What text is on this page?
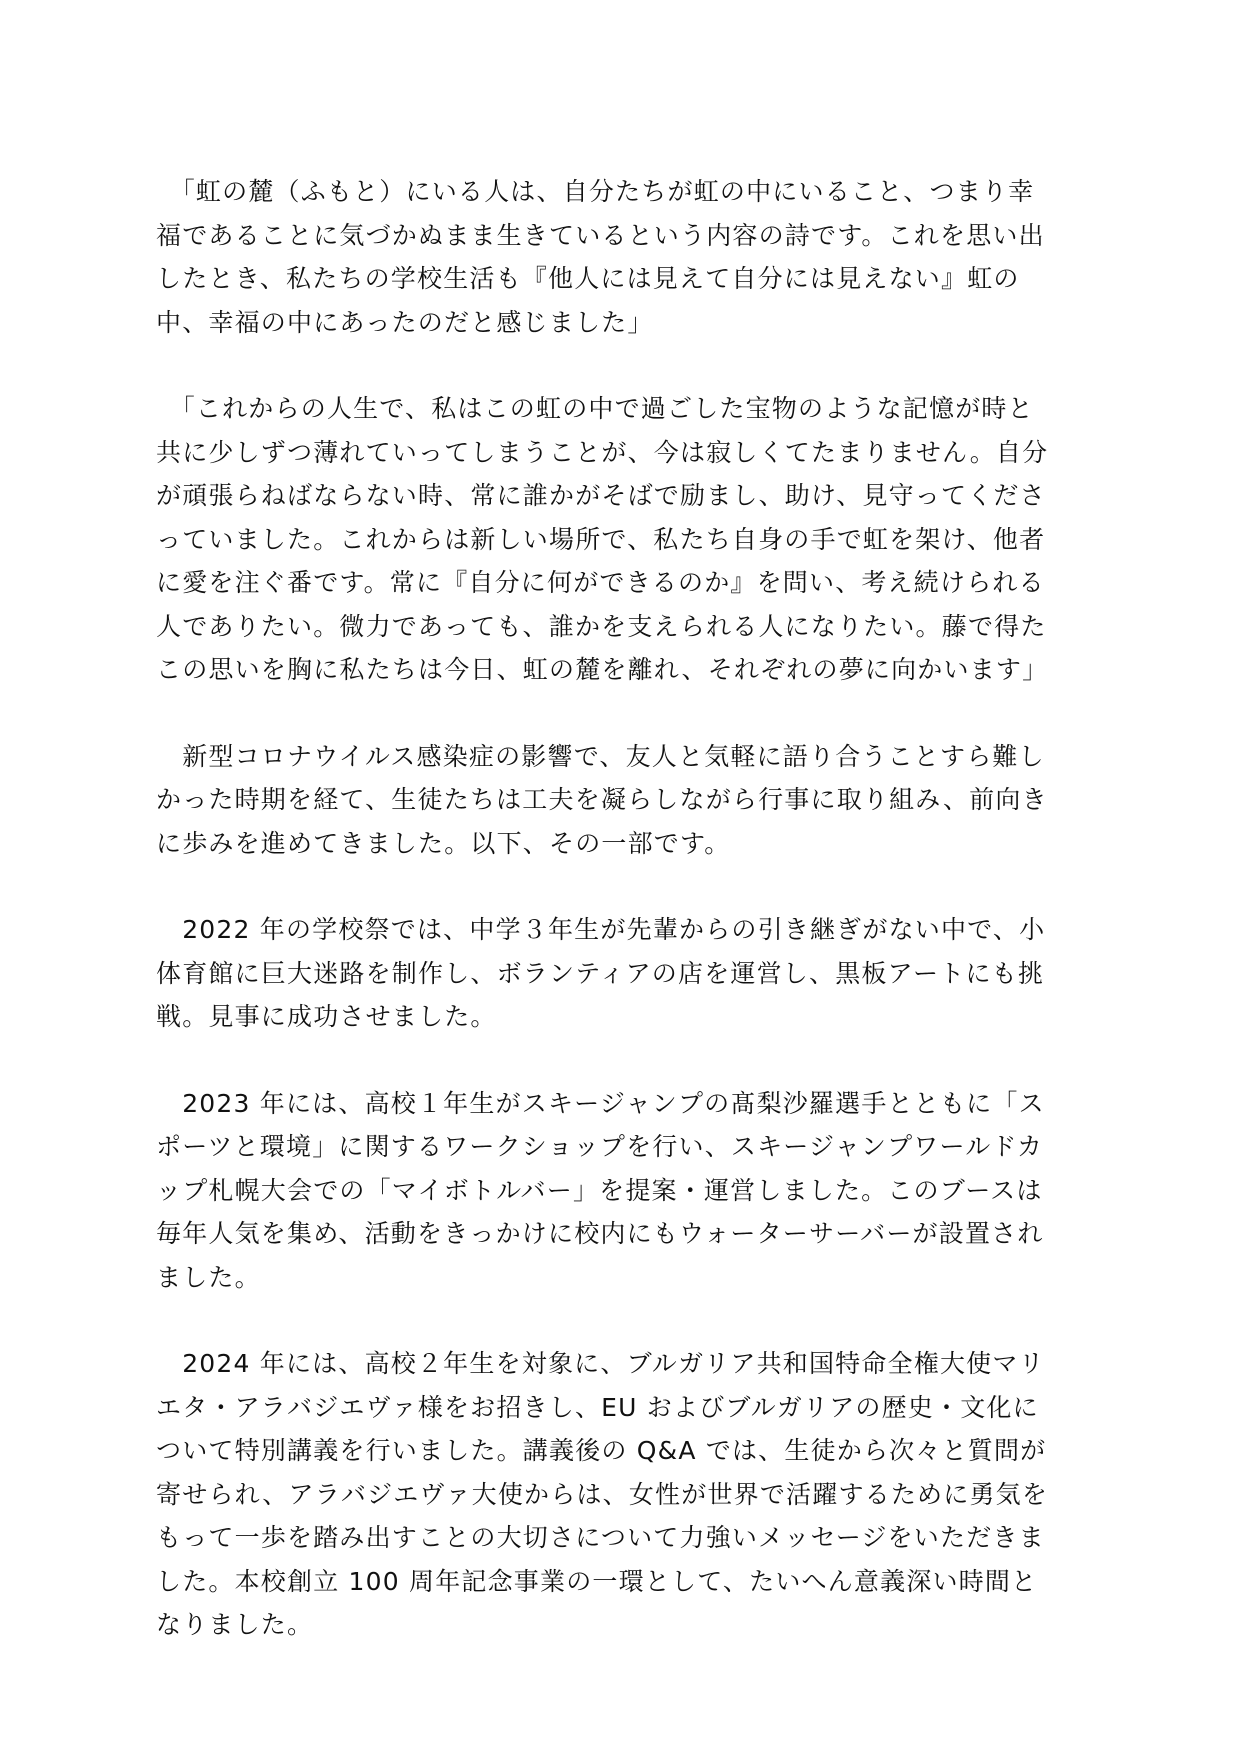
　「虹の麓（ふもと）にいる人は、自分たちが虹の中にいること、つまり幸
福であることに気づかぬまま生きているという内容の詩です。これを思い出
したとき、私たちの学校生活も『他人には見えて自分には見えない』虹の
中、幸福の中にあったのだと感じました」
　「これからの人生で、私はこの虹の中で過ごした宝物のような記憶が時と
共に少しずつ薄れていってしまうことが、今は寂しくてたまりません。自分
が頑張らねばならない時、常に誰かがそばで励まし、助け、見守ってくださ
っていました。これからは新しい場所で、私たち自身の手で虹を架け、他者
に愛を注ぐ番です。常に『自分に何ができるのか』を問い、考え続けられる
人でありたい。微力であっても、誰かを支えられる人になりたい。藤で得た
この思いを胸に私たちは今日、虹の麓を離れ、それぞれの夢に向かいます」
　新型コロナウイルス感染症の影響で、友人と気軽に語り合うことすら難し
かった時期を経て、生徒たちは工夫を凝らしながら行事に取り組み、前向き
に歩みを進めてきました。以下、その一部です。
　2022 年の学校祭では、中学３年生が先輩からの引き継ぎがない中で、小
体育館に巨大迷路を制作し、ボランティアの店を運営し、黒板アートにも挑
戦。見事に成功させました。
　2023 年には、高校１年生がスキージャンプの髙梨沙羅選手とともに「ス
ポーツと環境」に関するワークショップを行い、スキージャンプワールドカ
ップ札幌大会での「マイボトルバー」を提案・運営しました。このブースは
毎年人気を集め、活動をきっかけに校内にもウォーターサーバーが設置され
ました。
　2024 年には、高校２年生を対象に、ブルガリア共和国特命全権大使マリ
エタ・アラバジエヴァ様をお招きし、EU およびブルガリアの歴史・文化に
ついて特別講義を行いました。講義後の Q&A では、生徒から次々と質問が
寄せられ、アラバジエヴァ大使からは、女性が世界で活躍するために勇気を
もって一歩を踏み出すことの大切さについて力強いメッセージをいただきま
した。本校創立 100 周年記念事業の一環として、たいへん意義深い時間と
なりました。
